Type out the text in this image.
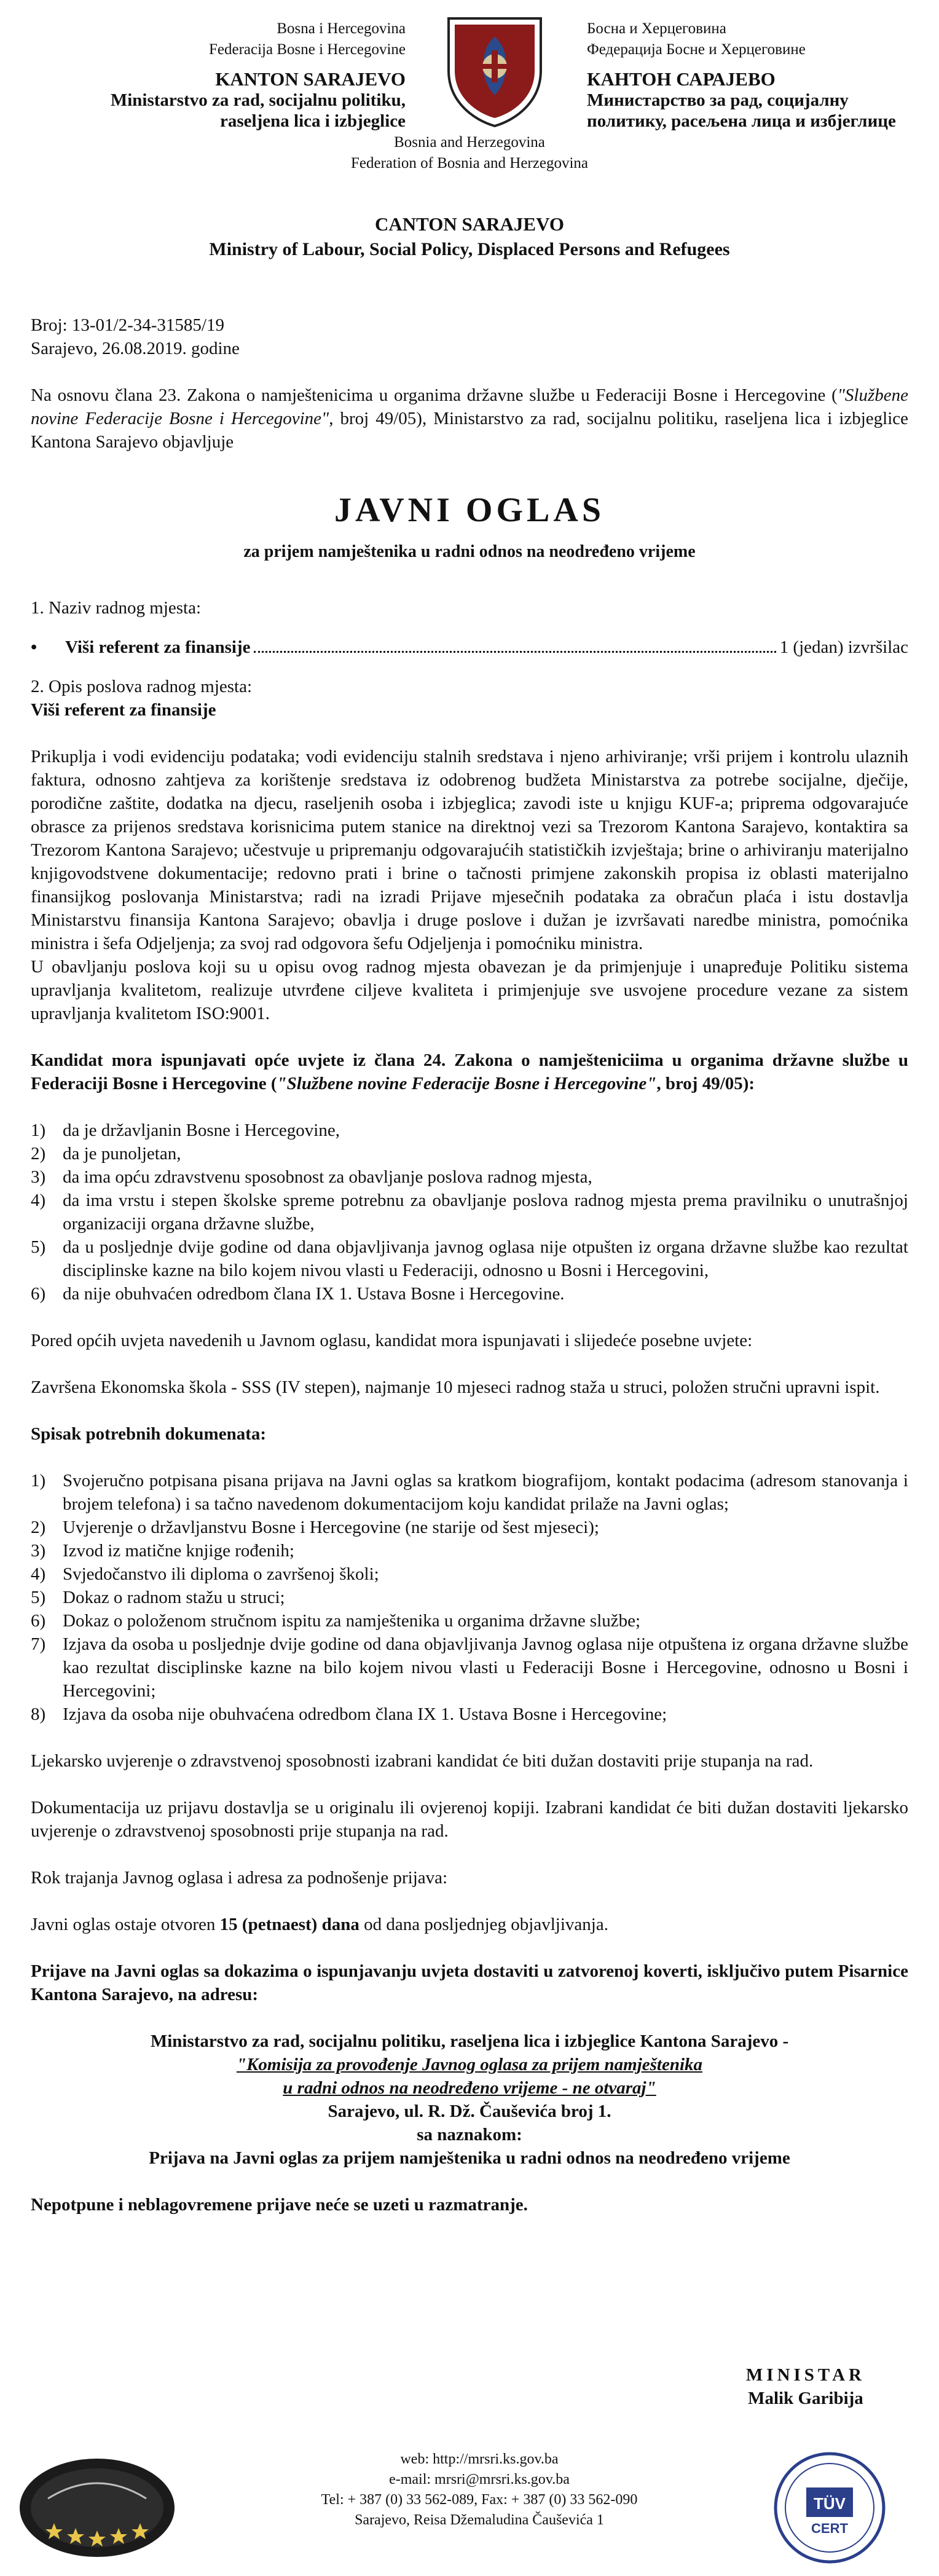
Bosna i Hercegovina
Federacija Bosne i Hercegovine
KANTON SARAJEVO
Ministarstvo za rad, socijalnu politiku,
raseljena lica i izbjeglice
Босна и Херцеговина
Федерација Босне и Херцеговине
КАНТОН САРАЈЕВО
Министарство за рад, социјалну
политику, расељена лица и избјеглице
Bosnia and Herzegovina
Federation of Bosnia and Herzegovina
CANTON SARAJEVO
Ministry of Labour, Social Policy, Displaced Persons and Refugees
Broj: 13-01/2-34-31585/19
Sarajevo, 26.08.2019. godine

Na osnovu člana 23. Zakona o namještenicima u organima državne službe u Federaciji Bosne i Hercegovine ("Službene novine Federacije Bosne i Hercegovine", broj 49/05), Ministarstvo za rad, socijalnu politiku, raseljena lica i izbjeglice Kantona Sarajevo objavljuje

JAVNI OGLAS
za prijem namještenika u radni odnos na neodređeno vrijeme
1. Naziv radnog mjesta:
•	Viši referent za finansije	1 (jedan) izvršilac
2. Opis poslova radnog mjesta:
Viši referent za finansije

Prikuplja i vodi evidenciju podataka; vodi evidenciju stalnih sredstava i njeno arhiviranje; vrši prijem i kontrolu ulaznih faktura, odnosno zahtjeva za korištenje sredstava iz odobrenog budžeta Ministarstva za potrebe socijalne, dječije, porodične zaštite, dodatka na djecu, raseljenih osoba i izbjeglica; zavodi iste u knjigu KUF-a; priprema odgovarajuće obrasce za prijenos sredstava korisnicima putem stanice na direktnoj vezi sa Trezorom Kantona Sarajevo, kontaktira sa Trezorom Kantona Sarajevo; učestvuje u pripremanju odgovarajućih statističkih izvještaja; brine o arhiviranju materijalno knjigovodstvene dokumentacije; redovno prati i brine o tačnosti primjene zakonskih propisa iz oblasti materijalno finansijkog poslovanja Ministarstva; radi na izradi Prijave mjesečnih podataka za obračun plaća i istu dostavlja Ministarstvu finansija Kantona Sarajevo; obavlja i druge poslove i dužan je izvršavati naredbe ministra, pomoćnika ministra i šefa Odjeljenja; za svoj rad odgovora šefu Odjeljenja i pomoćniku ministra.

U obavljanju poslova koji su u opisu ovog radnog mjesta obavezan je da primjenjuje i unapređuje Politiku sistema upravljanja kvalitetom, realizuje utvrđene ciljeve kvaliteta i primjenjuje sve usvojene procedure vezane za sistem upravljanja kvalitetom ISO:9001.

Kandidat mora ispunjavati opće uvjete iz člana 24. Zakona o namješteniciima u organima državne službe u Federaciji Bosne i Hercegovine ("Službene novine Federacije Bosne i Hercegovine", broj 49/05):

1) da je državljanin Bosne i Hercegovine,
2) da je punoljetan,
3) da ima opću zdravstvenu sposobnost za obavljanje poslova radnog mjesta,
4) da ima vrstu i stepen školske spreme potrebnu za obavljanje poslova radnog mjesta prema pravilniku o unutrašnjoj organizaciji organa državne službe,
5) da u posljednje dvije godine od dana objavljivanja javnog oglasa nije otpušten iz organa državne službe kao rezultat disciplinske kazne na bilo kojem nivou vlasti u Federaciji, odnosno u Bosni i Hercegovini,
6) da nije obuhvaćen odredbom člana IX 1. Ustava Bosne i Hercegovine.

Pored općih uvjeta navedenih u Javnom oglasu, kandidat mora ispunjavati i slijedeće posebne uvjete:

Završena Ekonomska škola - SSS (IV stepen), najmanje 10 mjeseci radnog staža u struci, položen stručni upravni ispit.

Spisak potrebnih dokumenata:
1) Svojeručno potpisana pisana prijava na Javni oglas sa kratkom biografijom, kontakt podacima (adresom stanovanja i brojem telefona) i sa tačno navedenom dokumentacijom koju kandidat prilaže na Javni oglas;
2) Uvjerenje o državljanstvu Bosne i Hercegovine (ne starije od šest mjeseci);
3) Izvod iz matične knjige rođenih;
4) Svjedočanstvo ili diploma o završenoj školi;
5) Dokaz o radnom stažu u struci;
6) Dokaz o položenom stručnom ispitu za namještenika u organima državne službe;
7) Izjava da osoba u posljednje dvije godine od dana objavljivanja Javnog oglasa nije otpuštena iz organa državne službe kao rezultat disciplinske kazne na bilo kojem nivou vlasti u Federaciji Bosne i Hercegovine, odnosno u Bosni i Hercegovini;
8) Izjava da osoba nije obuhvaćena odredbom člana IX 1. Ustava Bosne i Hercegovine;

Ljekarsko uvjerenje o zdravstvenoj sposobnosti izabrani kandidat će biti dužan dostaviti prije stupanja na rad.

Dokumentacija uz prijavu dostavlja se u originalu ili ovjerenoj kopiji. Izabrani kandidat će biti dužan dostaviti ljekarsko uvjerenje o zdravstvenoj sposobnosti prije stupanja na rad.

Rok trajanja Javnog oglasa i adresa za podnošenje prijava:

Javni oglas ostaje otvoren 15 (petnaest) dana od dana posljednjeg objavljivanja.

Prijave na Javni oglas sa dokazima o ispunjavanju uvjeta dostaviti u zatvorenoj koverti, isključivo putem Pisarnice Kantona Sarajevo, na adresu:

Ministarstvo za rad, socijalnu politiku, raseljena lica i izbjeglice Kantona Sarajevo -
"Komisija za provođenje Javnog oglasa za prijem namještenika
u radni odnos na neodređeno vrijeme - ne otvaraj"
Sarajevo, ul. R. Dž. Čauševića broj 1.
sa naznakom:
Prijava na Javni oglas za prijem namještenika u radni odnos na neodređeno vrijeme

Nepotpune i neblagovremene prijave neće se uzeti u razmatranje.

MINISTAR
Malik Garibija
web: http://mrsri.ks.gov.ba
e-mail: mrsri@mrsri.ks.gov.ba
Tel: + 387 (0) 33 562-089, Fax: + 387 (0) 33 562-090
Sarajevo, Reisa Džemaludina Čauševića 1
TÜV
CERT
